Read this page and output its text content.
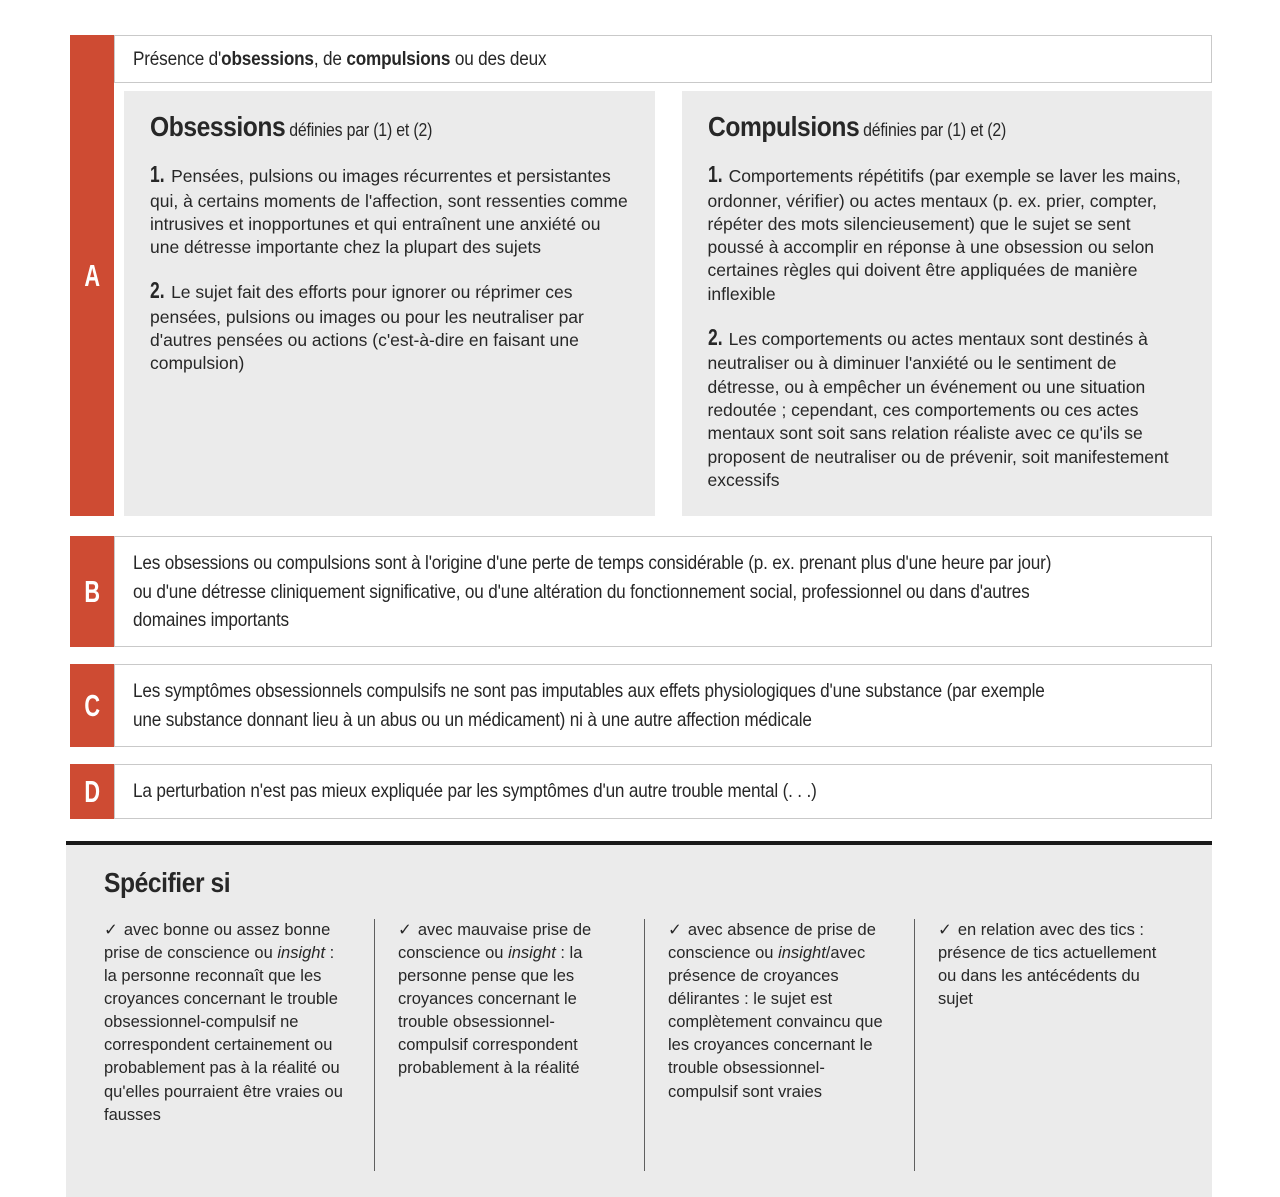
A
Présence d'obsessions, de compulsions ou des deux
Obsessions définies par (1) et (2)

1. Pensées, pulsions ou images récurrentes et persistantes qui, à certains moments de l'affection, sont ressenties comme intrusives et inopportunes et qui entraînent une anxiété ou une détresse importante chez la plupart des sujets

2. Le sujet fait des efforts pour ignorer ou réprimer ces pensées, pulsions ou images ou pour les neutraliser par d'autres pensées ou actions (c'est-à-dire en faisant une compulsion)

Compulsions définies par (1) et (2)

1. Comportements répétitifs (par exemple se laver les mains, ordonner, vérifier) ou actes mentaux (p. ex. prier, compter, répéter des mots silencieusement) que le sujet se sent poussé à accomplir en réponse à une obsession ou selon certaines règles qui doivent être appliquées de manière inflexible

2. Les comportements ou actes mentaux sont destinés à neutraliser ou à diminuer l'anxiété ou le sentiment de détresse, ou à empêcher un événement ou une situation redoutée ; cependant, ces comportements ou ces actes mentaux sont soit sans relation réaliste avec ce qu'ils se proposent de neutraliser ou de prévenir, soit manifestement excessifs

B
Les obsessions ou compulsions sont à l'origine d'une perte de temps considérable (p. ex. prenant plus d'une heure par jour) ou d'une détresse cliniquement significative, ou d'une altération du fonctionnement social, professionnel ou dans d'autres domaines importants
C Les symptômes obsessionnels compulsifs ne sont pas imputables aux effets physiologiques d'une substance (par exemple une substance donnant lieu à un abus ou un médicament) ni à une autre affection médicale
D La perturbation n'est pas mieux expliquée par les symptômes d'un autre trouble mental (. . .)
Spécifier si
✓ avec bonne ou assez bonne prise de conscience ou insight : la personne reconnaît que les croyances concernant le trouble obsessionnel-compulsif ne correspondent certainement ou probablement pas à la réalité ou qu'elles pourraient être vraies ou fausses
✓ avec mauvaise prise de conscience ou insight : la personne pense que les croyances concernant le trouble obsessionnel-compulsif correspondent probablement à la réalité
✓ avec absence de prise de conscience ou insight/avec présence de croyances délirantes : le sujet est complètement convaincu que les croyances concernant le trouble obsessionnel-compulsif sont vraies
✓ en relation avec des tics : présence de tics actuellement ou dans les antécédents du sujet
